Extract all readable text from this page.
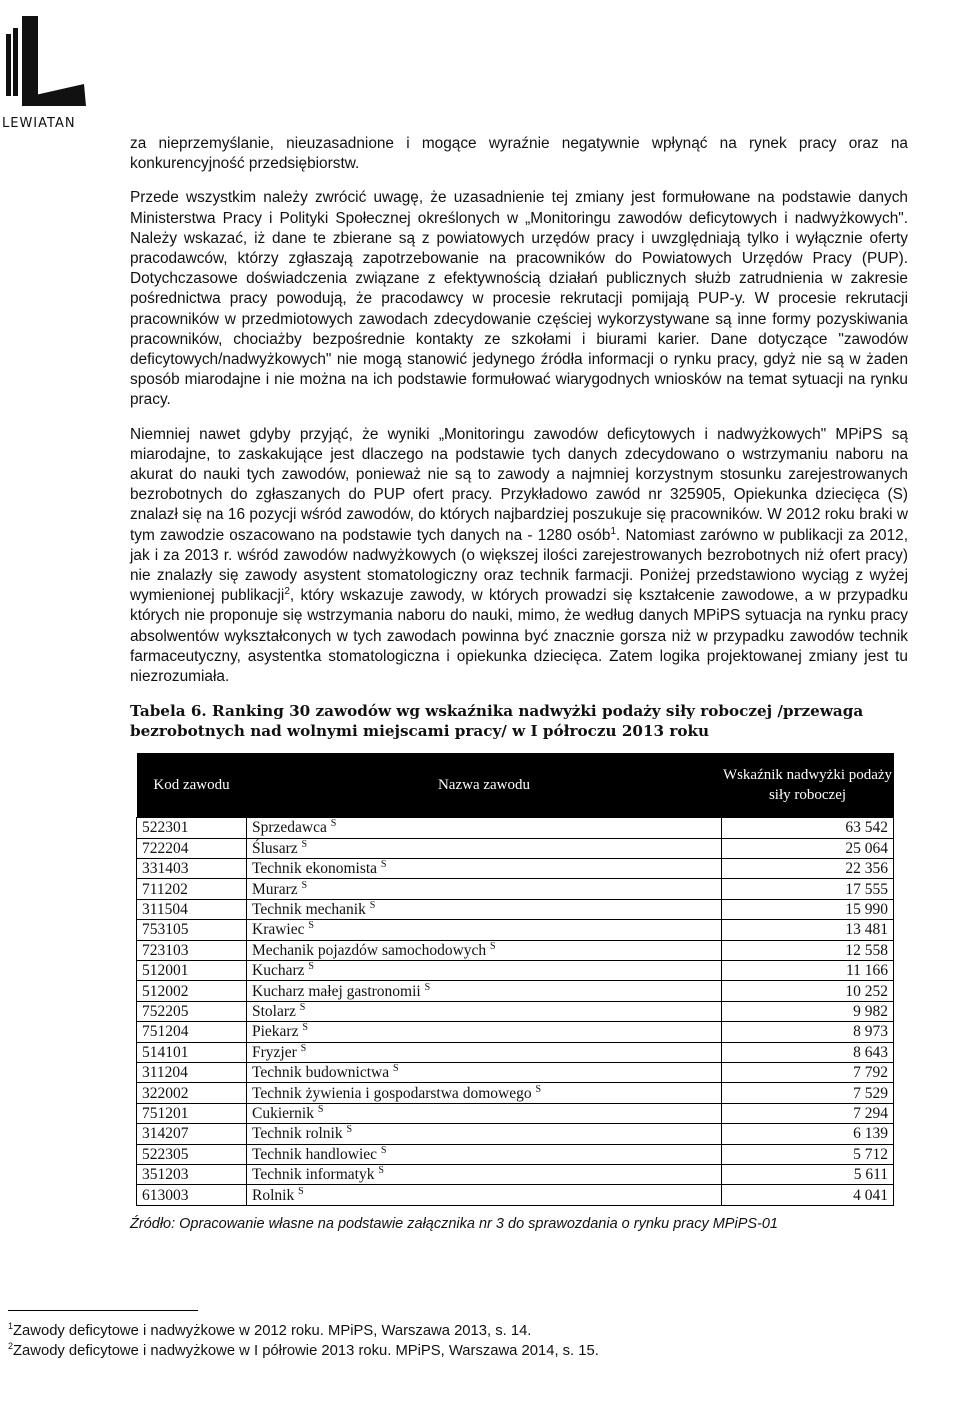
LEWIATAN

za nieprzemyślanie, nieuzasadnione i mogące wyraźnie negatywnie wpłynąć na rynek pracy oraz na konkurencyjność przedsiębiorstw.

Przede wszystkim należy zwrócić uwagę, że uzasadnienie tej zmiany jest formułowane na podstawie danych Ministerstwa Pracy i Polityki Społecznej określonych w „Monitoringu zawodów deficytowych i nadwyżkowych". Należy wskazać, iż dane te zbierane są z powiatowych urzędów pracy i uwzględniają tylko i wyłącznie oferty pracodawców, którzy zgłaszają zapotrzebowanie na pracowników do Powiatowych Urzędów Pracy (PUP). Dotychczasowe doświadczenia związane z efektywnością działań publicznych służb zatrudnienia w zakresie pośrednictwa pracy powodują, że pracodawcy w procesie rekrutacji pomijają PUP-y. W procesie rekrutacji pracowników w przedmiotowych zawodach zdecydowanie częściej wykorzystywane są inne formy pozyskiwania pracowników, chociażby bezpośrednie kontakty ze szkołami i biurami karier. Dane dotyczące "zawodów deficytowych/nadwyżkowych" nie mogą stanowić jedynego źródła informacji o rynku pracy, gdyż nie są w żaden sposób miarodajne i nie można na ich podstawie formułować wiarygodnych wniosków na temat sytuacji na rynku pracy.

Niemniej nawet gdyby przyjąć, że wyniki „Monitoringu zawodów deficytowych i nadwyżkowych" MPiPS są miarodajne, to zaskakujące jest dlaczego na podstawie tych danych zdecydowano o wstrzymaniu naboru na akurat do nauki tych zawodów, ponieważ nie są to zawody a najmniej korzystnym stosunku zarejestrowanych bezrobotnych do zgłaszanych do PUP ofert pracy. Przykładowo zawód nr 325905, Opiekunka dziecięca (S) znalazł się na 16 pozycji wśród zawodów, do których najbardziej poszukuje się pracowników. W 2012 roku braki w tym zawodzie oszacowano na podstawie tych danych na - 1280 osób$^1$. Natomiast zarówno w publikacji za 2012, jak i za 2013 r. wśród zawodów nadwyżkowych (o większej ilości zarejestrowanych bezrobotnych niż ofert pracy) nie znalazły się zawody asystent stomatologiczny oraz technik farmacji. Poniżej przedstawiono wyciąg z wyżej wymienionej publikacji$^2$, który wskazuje zawody, w których prowadzi się kształcenie zawodowe, a w przypadku których nie proponuje się wstrzymania naboru do nauki, mimo, że według danych MPiPS sytuacja na rynku pracy absolwentów wykształconych w tych zawodach powinna być znacznie gorsza niż w przypadku zawodów technik farmaceutyczny, asystentka stomatologiczna i opiekunka dziecięca. Zatem logika projektowanej zmiany jest tu niezrozumiała.

Tabela 6. Ranking 30 zawodów wg wskaźnika nadwyżki podaży siły roboczej /przewaga bezrobotnych nad wolnymi miejscami pracy/ w I półroczu 2013 roku
Kod zawodu	Nazwa zawodu	Wskaźnik nadwyżki podaży siły roboczej
522301	Sprzedawca $^S$	63 542
722204	Ślusarz $^S$	25 064
331403	Technik ekonomista $^S$	22 356
711202	Murarz $^S$	17 555
311504	Technik mechanik $^S$	15 990
753105	Krawiec $^S$	13 481
723103	Mechanik pojazdów samochodowych $^S$	12 558
512001	Kucharz $^S$	11 166
512002	Kucharz małej gastronomii $^S$	10 252
752205	Stolarz $^S$	9 982
751204	Piekarz $^S$	8 973
514101	Fryzjer $^S$	8 643
311204	Technik budownictwa $^S$	7 792
322002	Technik żywienia i gospodarstwa domowego $^S$	7 529
751201	Cukiernik $^S$	7 294
314207	Technik rolnik $^S$	6 139
522305	Technik handlowiec $^S$	5 712
351203	Technik informatyk $^S$	5 611
613003	Rolnik $^S$	4 041

Źródło: Opracowanie własne na podstawie załącznika nr 3 do sprawozdania o rynku pracy MPiPS-01

$^1$Zawody deficytowe i nadwyżkowe w 2012 roku. MPiPS, Warszawa 2013, s. 14.

$^2$Zawody deficytowe i nadwyżkowe w I półrowie 2013 roku. MPiPS, Warszawa 2014, s. 15.
